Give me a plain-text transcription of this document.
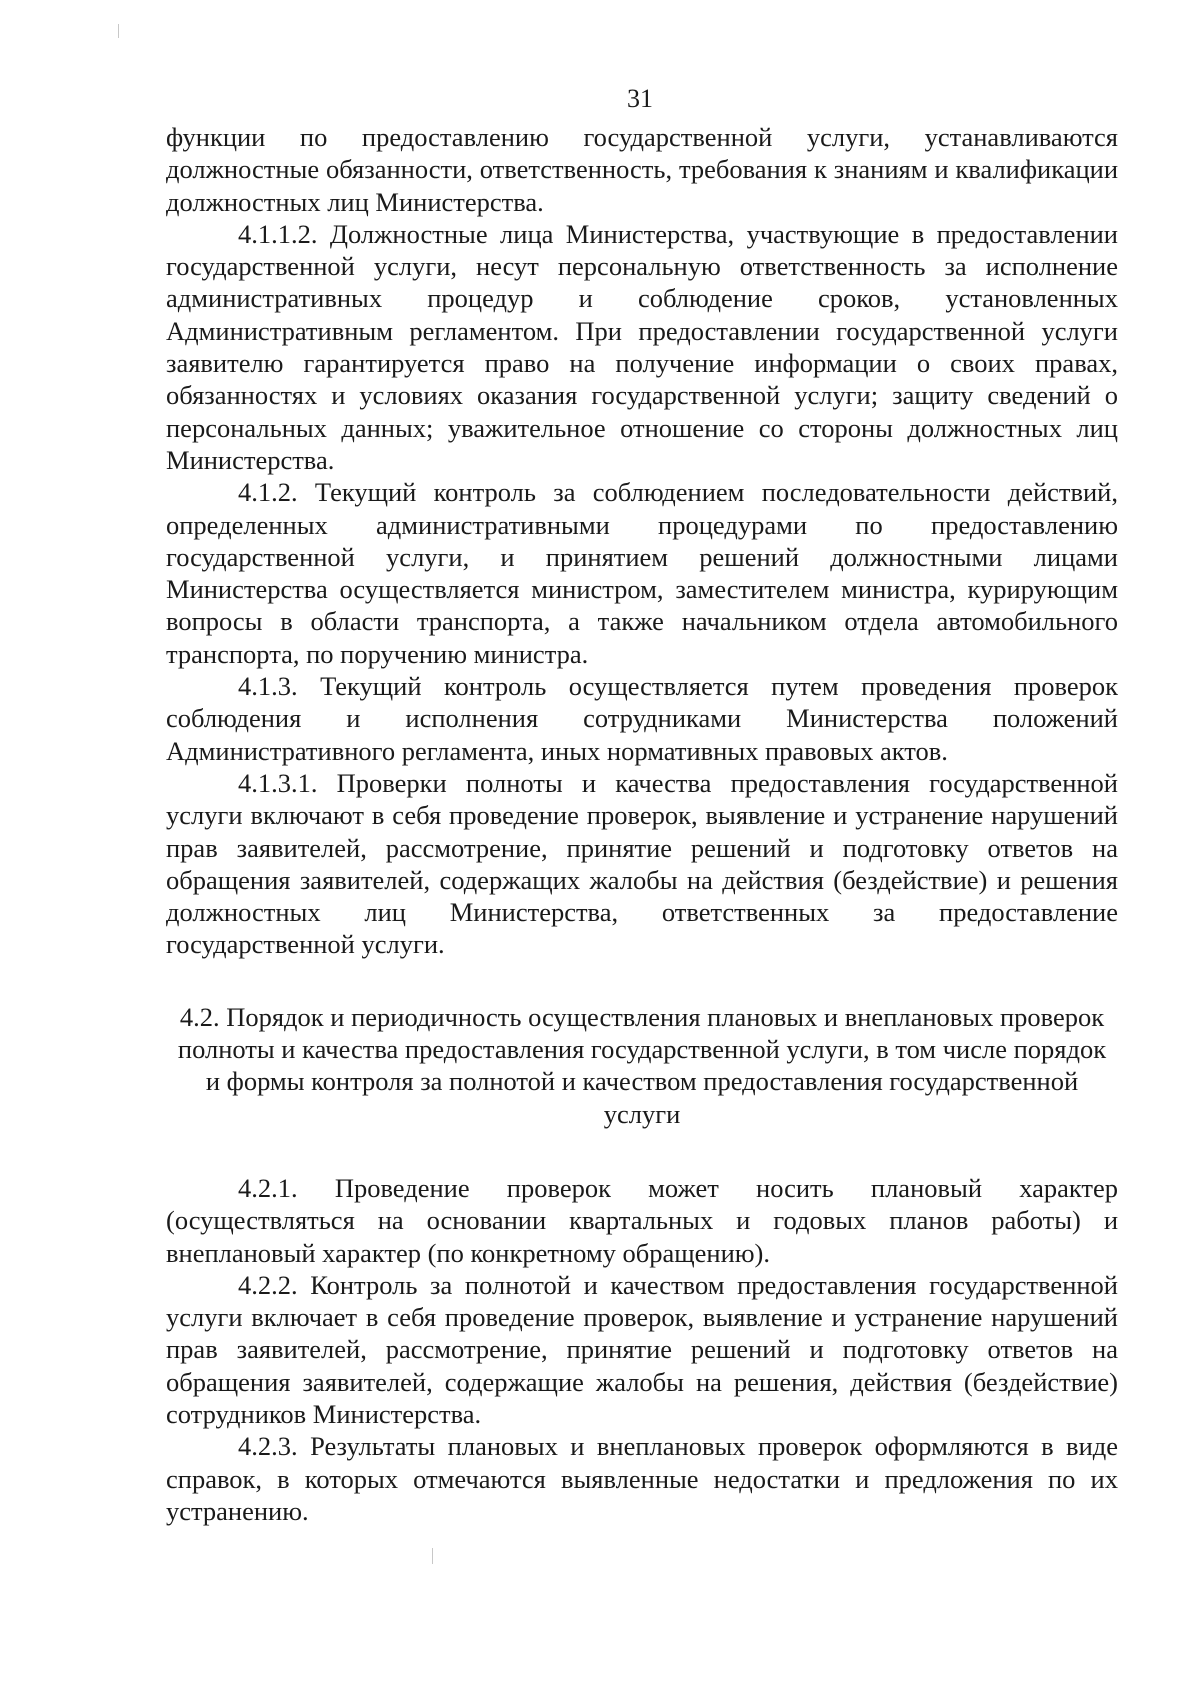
31

функции по предоставлению государственной услуги, устанавливаются должностные обязанности, ответственность, требования к знаниям и квалификации должностных лиц Министерства.

4.1.1.2. Должностные лица Министерства, участвующие в предоставлении государственной услуги, несут персональную ответственность за исполнение административных процедур и соблюдение сроков, установленных Административным регламентом. При предоставлении государственной услуги заявителю гарантируется право на получение информации о своих правах, обязанностях и условиях оказания государственной услуги; защиту сведений о персональных данных; уважительное отношение со стороны должностных лиц Министерства.

4.1.2. Текущий контроль за соблюдением последовательности действий, определенных административными процедурами по предоставлению государственной услуги, и принятием решений должностными лицами Министерства осуществляется министром, заместителем министра, курирующим вопросы в области транспорта, а также начальником отдела автомобильного транспорта, по поручению министра.

4.1.3. Текущий контроль осуществляется путем проведения проверок соблюдения и исполнения сотрудниками Министерства положений Административного регламента, иных нормативных правовых актов.

4.1.3.1. Проверки полноты и качества предоставления государственной услуги включают в себя проведение проверок, выявление и устранение нарушений прав заявителей, рассмотрение, принятие решений и подготовку ответов на обращения заявителей, содержащих жалобы на действия (бездействие) и решения должностных лиц Министерства, ответственных за предоставление государственной услуги.

4.2. Порядок и периодичность осуществления плановых и внеплановых проверок полноты и качества предоставления государственной услуги, в том числе порядок и формы контроля за полнотой и качеством предоставления государственной услуги

4.2.1. Проведение проверок может носить плановый характер (осуществляться на основании квартальных и годовых планов работы) и внеплановый характер (по конкретному обращению).

4.2.2. Контроль за полнотой и качеством предоставления государственной услуги включает в себя проведение проверок, выявление и устранение нарушений прав заявителей, рассмотрение, принятие решений и подготовку ответов на обращения заявителей, содержащие жалобы на решения, действия (бездействие) сотрудников Министерства.

4.2.3. Результаты плановых и внеплановых проверок оформляются в виде справок, в которых отмечаются выявленные недостатки и предложения по их устранению.
